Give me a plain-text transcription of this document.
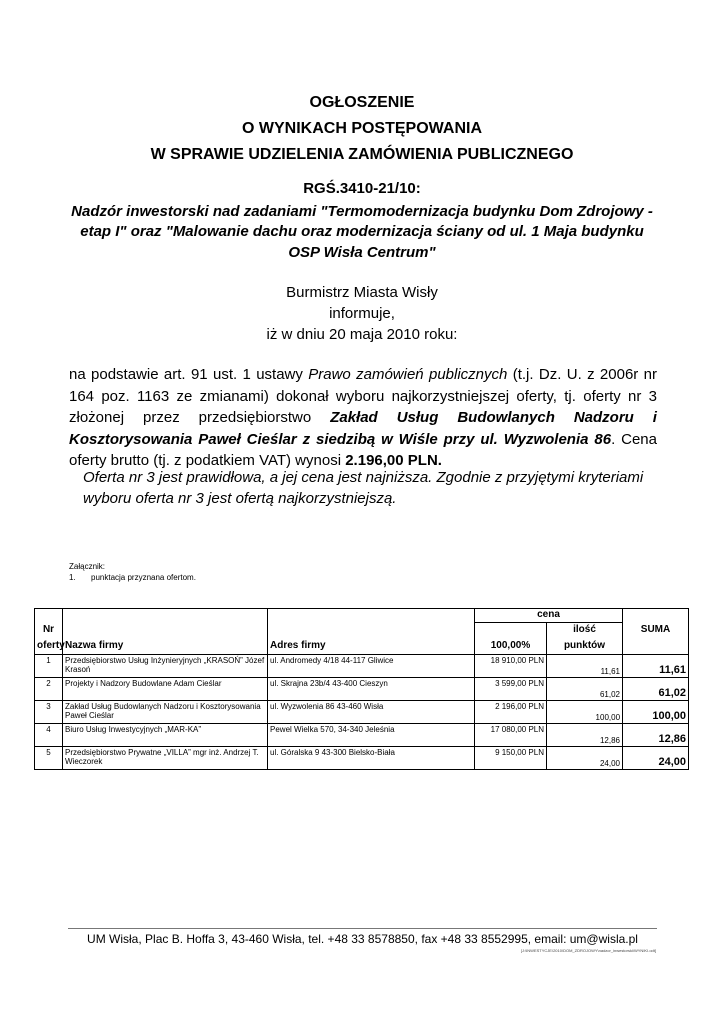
OGŁOSZENIE
O WYNIKACH POSTĘPOWANIA
W SPRAWIE UDZIELENIA ZAMÓWIENIA PUBLICZNEGO
RGŚ.3410-21/10:
Nadzór inwestorski nad zadaniami "Termomodernizacja budynku Dom Zdrojowy -
etap I" oraz "Malowanie dachu oraz modernizacja ściany od ul. 1 Maja budynku
OSP Wisła Centrum"
Burmistrz Miasta Wisły
informuje,
iż w dniu 20 maja 2010 roku:
na podstawie art. 91 ust. 1 ustawy Prawo zamówień publicznych (t.j. Dz. U. z 2006r nr 164 poz. 1163 ze zmianami) dokonał wyboru najkorzystniejszej oferty, tj. oferty nr 3 złożonej przez przedsiębiorstwo Zakład Usług Budowlanych Nadzoru i Kosztorysowania Paweł Cieślar z siedzibą w Wiśle przy ul. Wyzwolenia 86. Cena oferty brutto (tj. z podatkiem VAT) wynosi 2.196,00 PLN.
Oferta nr 3 jest prawidłowa, a jej cena jest najniższa. Zgodnie z przyjętymi kryteriami wyboru oferta nr 3 jest ofertą najkorzystniejszą.
Załącznik:
1. punktacja przyznana ofertom.
			cena		
Nr				ilość	SUMA
oferty	Nazwa firmy	Adres firmy	100,00%	punktów	
1	Przedsiębiorstwo Usług Inżynieryjnych „KRASOŃ” Józef Krasoń	ul. Andromedy 4/18 44-117 Gliwice	18 910,00 PLN	11,61	11,61
2	Projekty i Nadzory Budowlane Adam Cieślar	ul. Skrajna 23b/4 43-400 Cieszyn	3 599,00 PLN	61,02	61,02
3	Zakład Usług Budowlanych Nadzoru i Kosztorysowania Paweł Cieślar	ul. Wyzwolenia 86 43-460 Wisła	2 196,00 PLN	100,00	100,00
4	Biuro Usług Inwestycyjnych „MAR-KA”	Pewel Wielka 570, 34-340 Jeleśnia	17 080,00 PLN	12,86	12,86
5	Przedsiębiorstwo Prywatne „VILLA” mgr inż. Andrzej T. Wieczorek	ul. Góralska 9 43-300 Bielsko-Biała	9 150,00 PLN	24,00	24,00
UM Wisła, Plac B. Hoffa 3, 43-460 Wisła, tel. +48 33 8578850, fax +48 33 8552995, email: um@wisla.pl
[J:\INWESTYCJE\2010\DOM_ZDROJOWY\nadzor_inwestorski\WYNIKI.odt]
